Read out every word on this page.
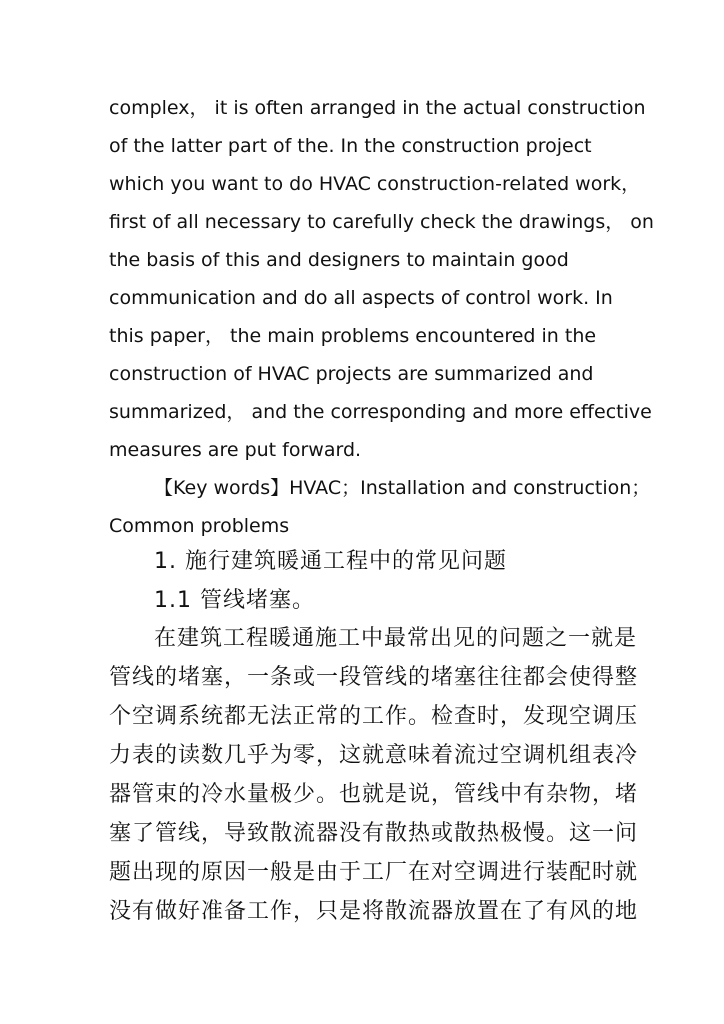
complex， it is often arranged in the actual construction
of the latter part of the. In the construction project
which you want to do HVAC construction-related work，
first of all necessary to carefully check the drawings， on
the basis of this and designers to maintain good
communication and do all aspects of control work. In
this paper， the main problems encountered in the
construction of HVAC projects are summarized and
summarized， and the corresponding and more effective
measures are put forward.
【Key words】HVAC；Installation and construction；
Common problems
1. 施行建筑暖通工程中的常见问题
1.1 管线堵塞。
在建筑工程暖通施工中最常出见的问题之一就是
管线的堵塞，一条或一段管线的堵塞往往都会使得整
个空调系统都无法正常的工作。检查时，发现空调压
力表的读数几乎为零，这就意味着流过空调机组表冷
器管束的冷水量极少。也就是说，管线中有杂物，堵
塞了管线，导致散流器没有散热或散热极慢。这一问
题出现的原因一般是由于工厂在对空调进行装配时就
没有做好准备工作，只是将散流器放置在了有风的地
